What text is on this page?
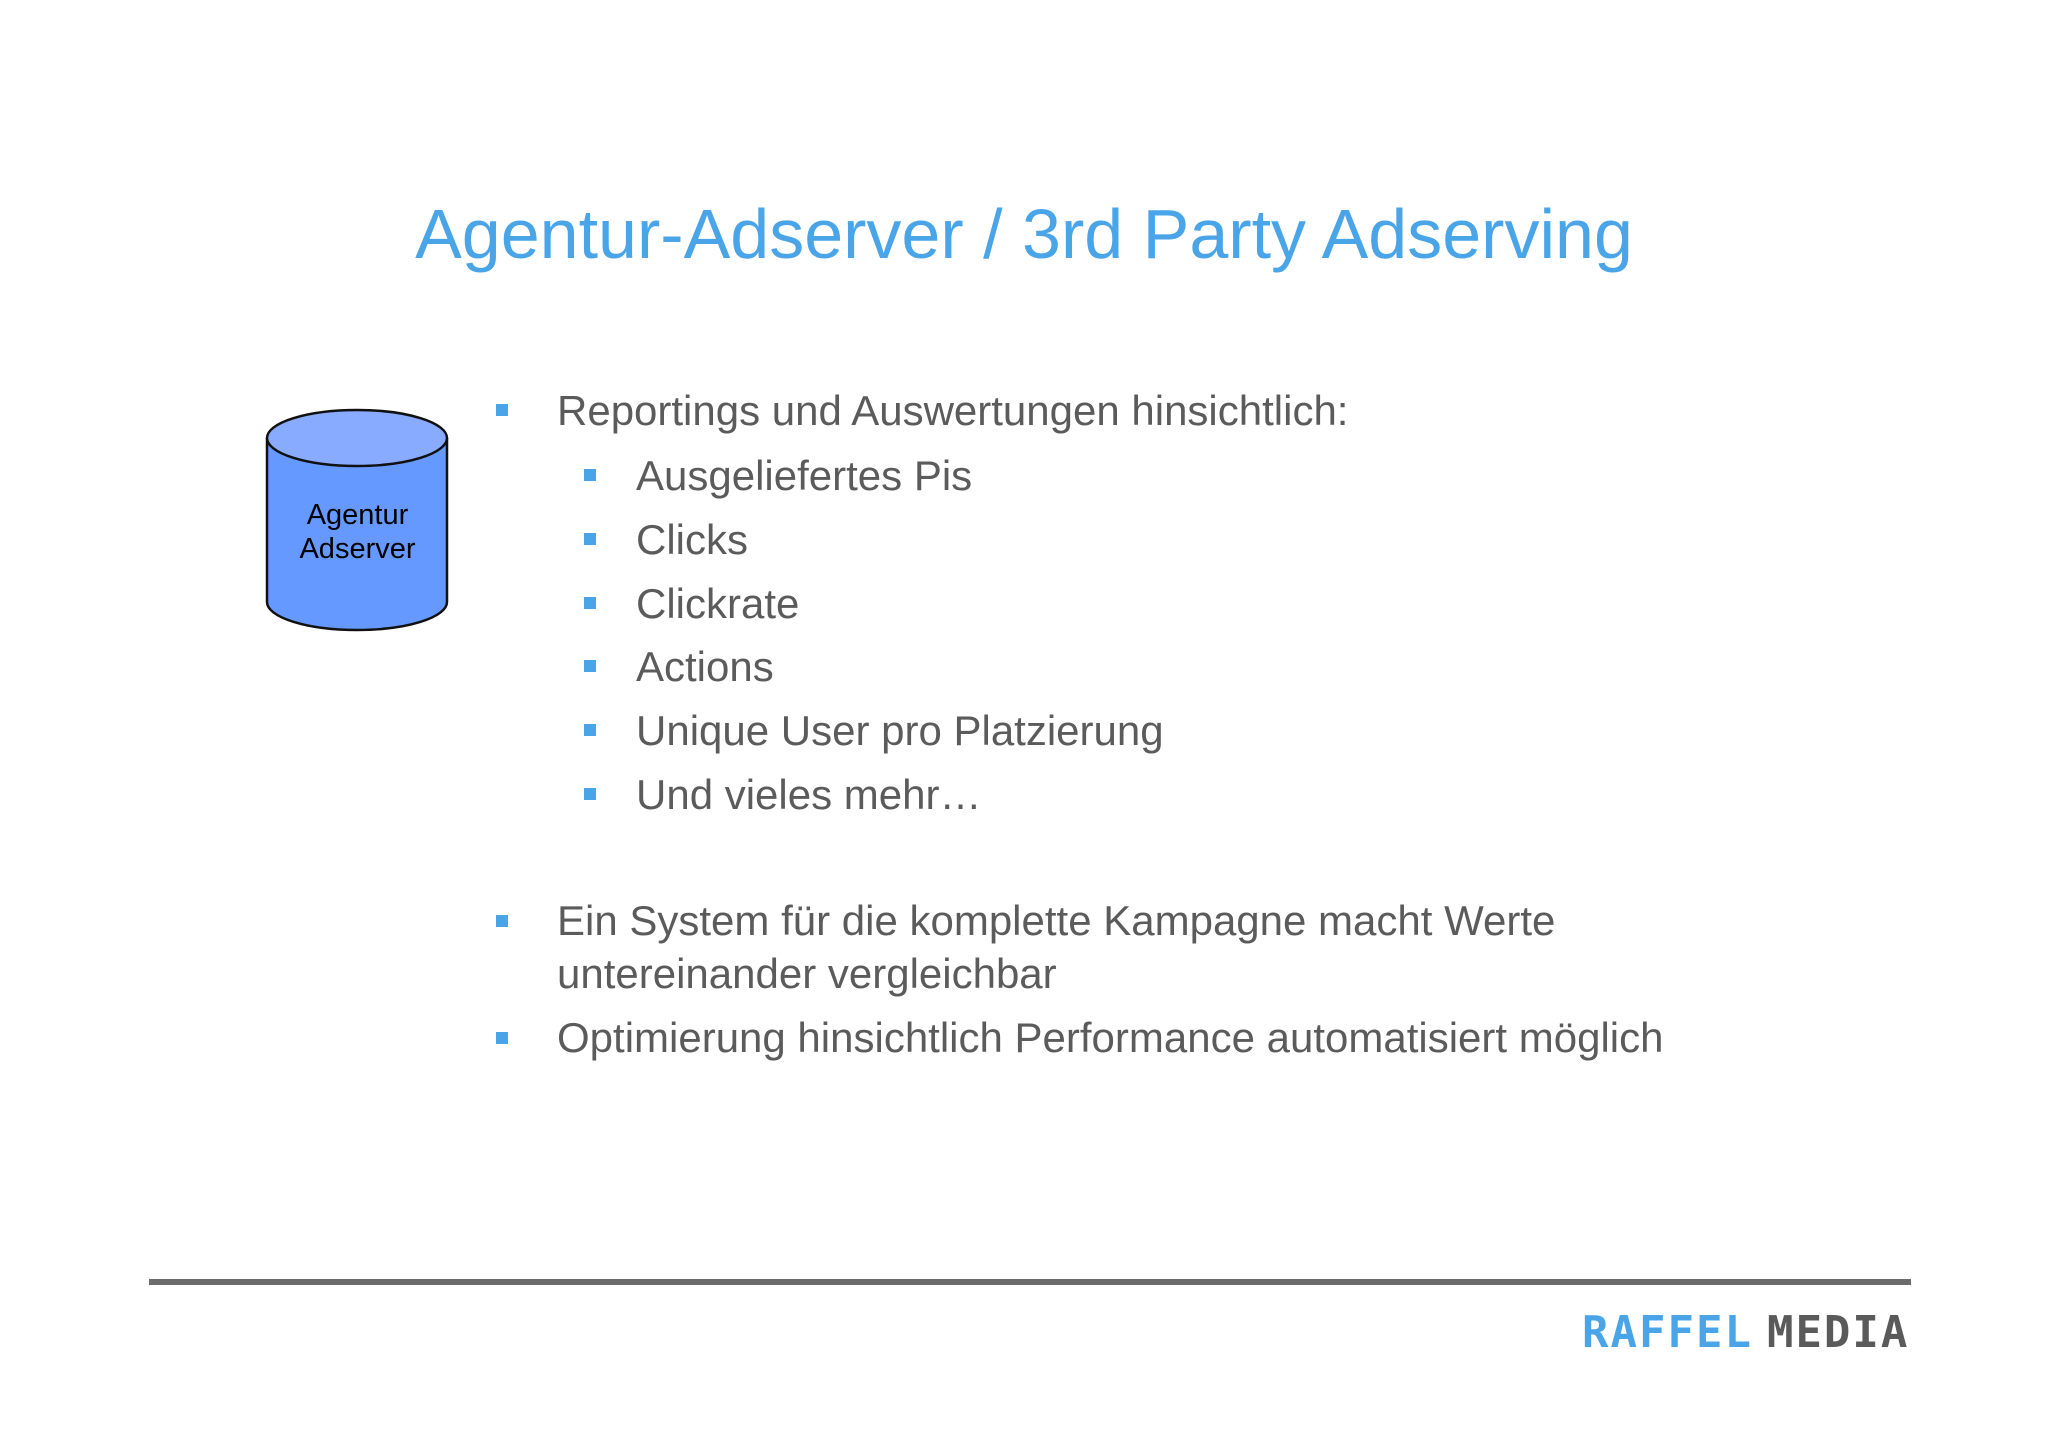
Agentur-Adserver / 3rd Party Adserving
Agentur
Adserver
Reportings und Auswertungen hinsichtlich:
Ausgeliefertes Pis
Clicks
Clickrate
Actions
Unique User pro Platzierung
Und vieles mehr…
Ein System für die komplette Kampagne macht Werte
untereinander vergleichbar
Optimierung hinsichtlich Performance automatisiert möglich
RAFFEL MEDIA
